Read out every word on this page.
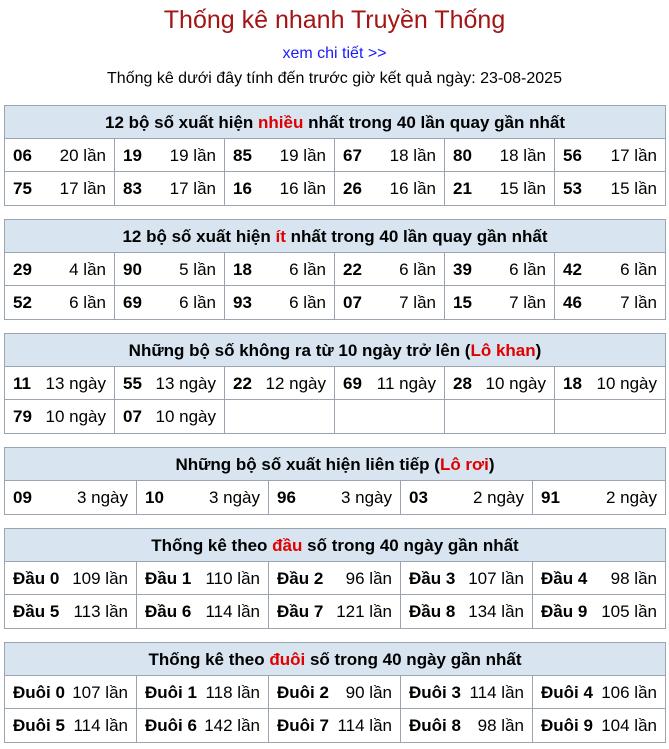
Thống kê nhanh Truyền Thống
xem chi tiết >>
Thống kê dưới đây tính đến trước giờ kết quả ngày: 23-08-2025
12 bộ số xuất hiện nhiều nhất trong 40 lần quay gần nhất
06 20 lần 19 19 lần 85 19 lần 67 18 lần 80 18 lần 56 17 lần
75 17 lần 83 17 lần 16 16 lần 26 16 lần 21 15 lần 53 15 lần
12 bộ số xuất hiện ít nhất trong 40 lần quay gần nhất
29 4 lần 90 5 lần 18 6 lần 22 6 lần 39 6 lần 42 6 lần
52 6 lần 69 6 lần 93 6 lần 07 7 lần 15 7 lần 46 7 lần
Những bộ số không ra từ 10 ngày trở lên (Lô khan)
11 13 ngày 55 13 ngày 22 12 ngày 69 11 ngày 28 10 ngày 18 10 ngày
79 10 ngày 07 10 ngày
Những bộ số xuất hiện liên tiếp (Lô rơi)
09	3 ngày 10	3 ngày 96	3 ngày 03	2 ngày 91	2 ngày
Thống kê theo đầu số trong 40 ngày gần nhất
Đầu 0 109 lần Đầu 1 110 lần Đầu 2 96 lần Đầu 3 107 lần Đầu 4 98 lần
Đầu 5 113 lần Đầu 6 114 lần Đầu 7 121 lần Đầu 8 134 lần Đầu 9 105 lần
Thống kê theo đuôi số trong 40 ngày gần nhất
Đuôi 0 107 lần Đuôi 1 118 lần Đuôi 2 90 lần Đuôi 3 114 lần Đuôi 4 106 lần
Đuôi 5 114 lần Đuôi 6 142 lần Đuôi 7 114 lần Đuôi 8 98 lần Đuôi 9 104 lần
